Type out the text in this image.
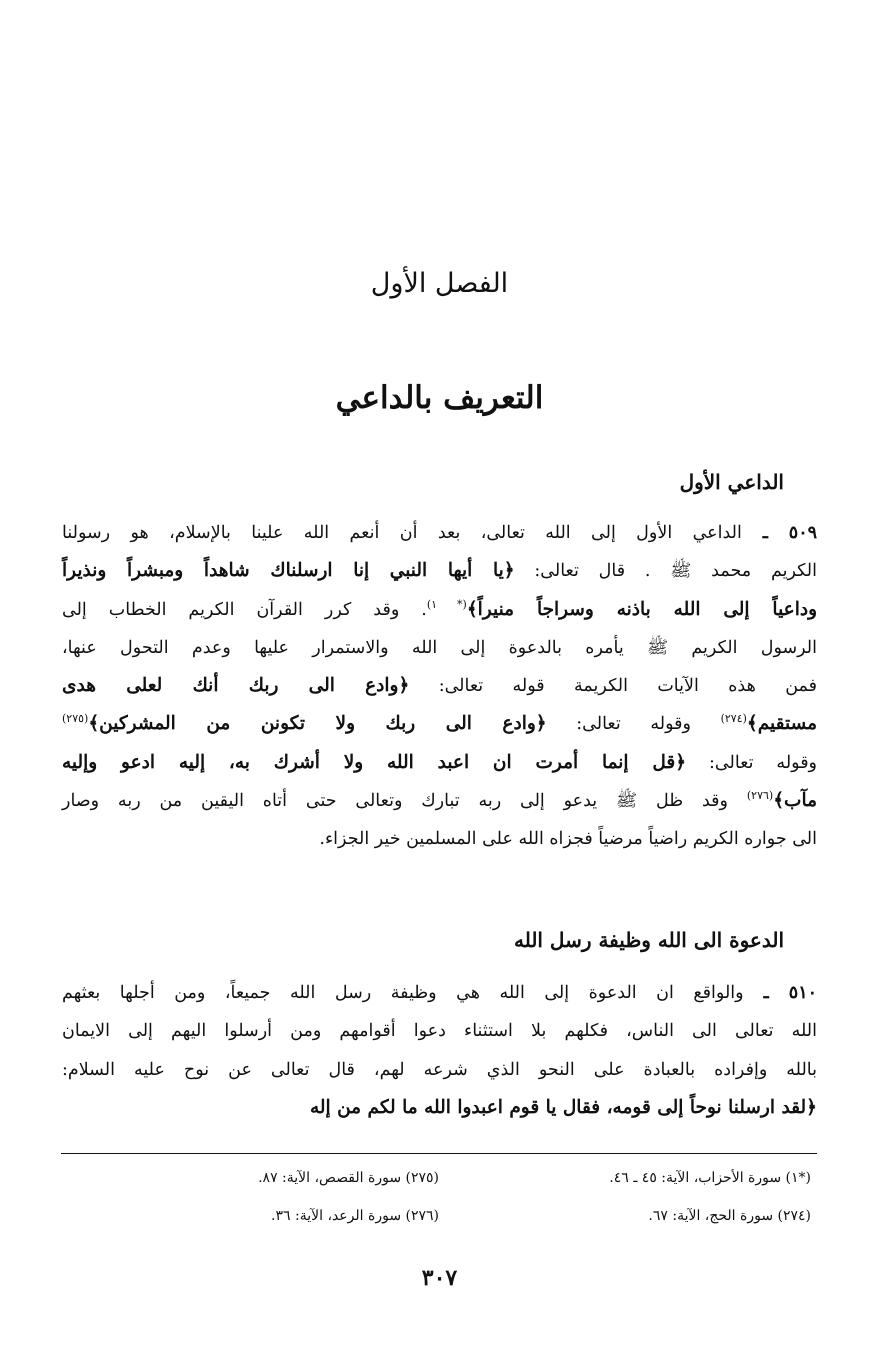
الفصل الأول
التعريف بالداعي
الداعي الأول
٥٠٩ ـ الداعي الأول إلى الله تعالى، بعد أن أنعم الله علينا بالإسلام، هو رسولنا
الكريم محمد ﷺ . قال تعالى: ﴿يا أيها النبي إنا ارسلناك شاهداً ومبشراً ونذيراً
وداعياً إلى الله باذنه وسراجاً منيراً﴾$^{(* ١)}$. وقد كرر القرآن الكريم الخطاب إلى
الرسول الكريم ﷺ يأمره بالدعوة إلى الله والاستمرار عليها وعدم التحول عنها،
فمن هذه الآيات الكريمة قوله تعالى: ﴿وادع الى ربك أنك لعلى هدى
مستقيم﴾$^{(٢٧٤)}$ وقوله تعالى: ﴿وادع الى ربك ولا تكونن من المشركين﴾$^{(٢٧٥)}$
وقوله تعالى: ﴿قل إنما أمرت ان اعبد الله ولا أشرك به، إليه ادعو وإليه
مآب﴾$^{(٢٧٦)}$ وقد ظل ﷺ يدعو إلى ربه تبارك وتعالى حتى أتاه اليقين من ربه وصار
الى جواره الكريم راضياً مرضياً فجزاه الله على المسلمين خير الجزاء.
الدعوة الى الله وظيفة رسل الله
٥١٠ ـ والواقع ان الدعوة إلى الله هي وظيفة رسل الله جميعاً، ومن أجلها بعثهم
الله تعالى الى الناس، فكلهم بلا استثناء دعوا أقوامهم ومن أرسلوا اليهم إلى الايمان
بالله وإفراده بالعبادة على النحو الذي شرعه لهم، قال تعالى عن نوح عليه السلام:
﴿لقد ارسلنا نوحاً إلى قومه، فقال يا قوم اعبدوا الله ما لكم من إله
(*١) سورة الأحزاب، الآية: ٤٥ ـ ٤٦.
(٢٧٤) سورة الحج، الآية: ٦٧.
(٢٧٥) سورة القصص، الآية: ٨٧.
(٢٧٦) سورة الرعد، الآية: ٣٦.
٣٠٧
